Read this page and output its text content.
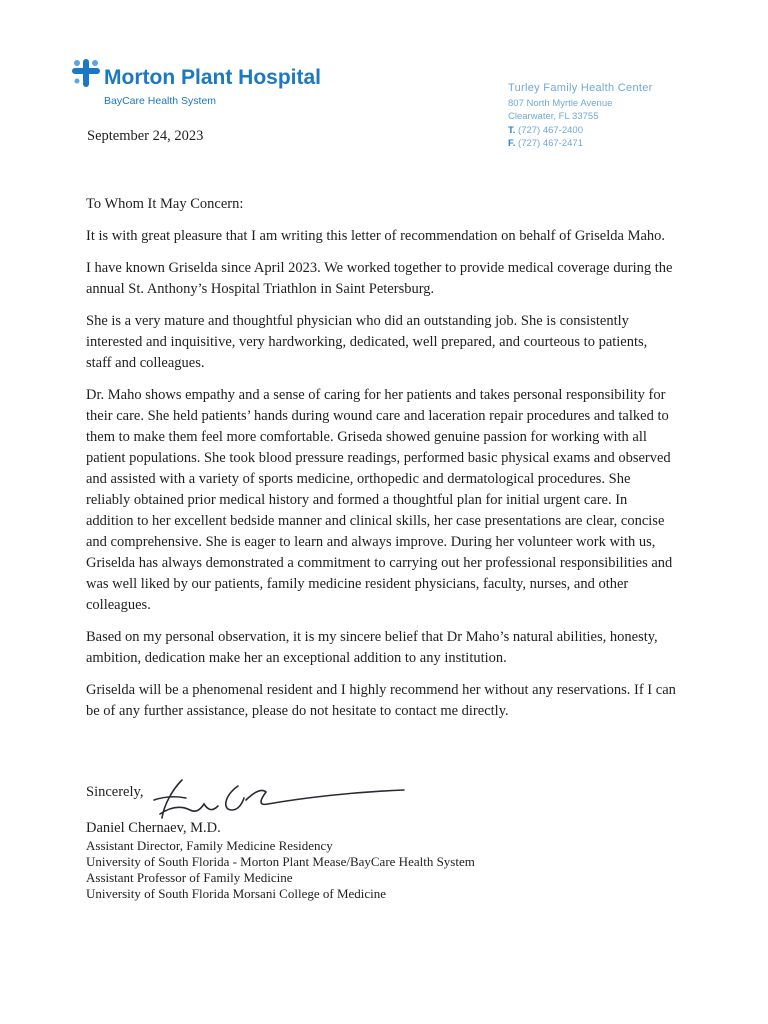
Morton Plant Hospital
BayCare Health System
Turley Family Health Center
807 North Myrtle Avenue
Clearwater, FL 33755
T. (727) 467-2400
F. (727) 467-2471
September 24, 2023

To Whom It May Concern:

It is with great pleasure that I am writing this letter of recommendation on behalf of Griselda Maho.

I have known Griselda since April 2023. We worked together to provide medical coverage during the annual St. Anthony’s Hospital Triathlon in Saint Petersburg.

She is a very mature and thoughtful physician who did an outstanding job. She is consistently interested and inquisitive, very hardworking, dedicated, well prepared, and courteous to patients, staff and colleagues.

Dr. Maho shows empathy and a sense of caring for her patients and takes personal responsibility for their care. She held patients’ hands during wound care and laceration repair procedures and talked to them to make them feel more comfortable. Griseda showed genuine passion for working with all patient populations. She took blood pressure readings, performed basic physical exams and observed and assisted with a variety of sports medicine, orthopedic and dermatological procedures. She reliably obtained prior medical history and formed a thoughtful plan for initial urgent care. In addition to her excellent bedside manner and clinical skills, her case presentations are clear, concise and comprehensive. She is eager to learn and always improve. During her volunteer work with us, Griselda has always demonstrated a commitment to carrying out her professional responsibilities and was well liked by our patients, family medicine resident physicians, faculty, nurses, and other colleagues.

Based on my personal observation, it is my sincere belief that Dr Maho’s natural abilities, honesty, ambition, dedication make her an exceptional addition to any institution.

Griselda will be a phenomenal resident and I highly recommend her without any reservations. If I can be of any further assistance, please do not hesitate to contact me directly.

Sincerely,
Daniel Chernaev, M.D.
Assistant Director, Family Medicine Residency
University of South Florida - Morton Plant Mease/BayCare Health System
Assistant Professor of Family Medicine
University of South Florida Morsani College of Medicine
